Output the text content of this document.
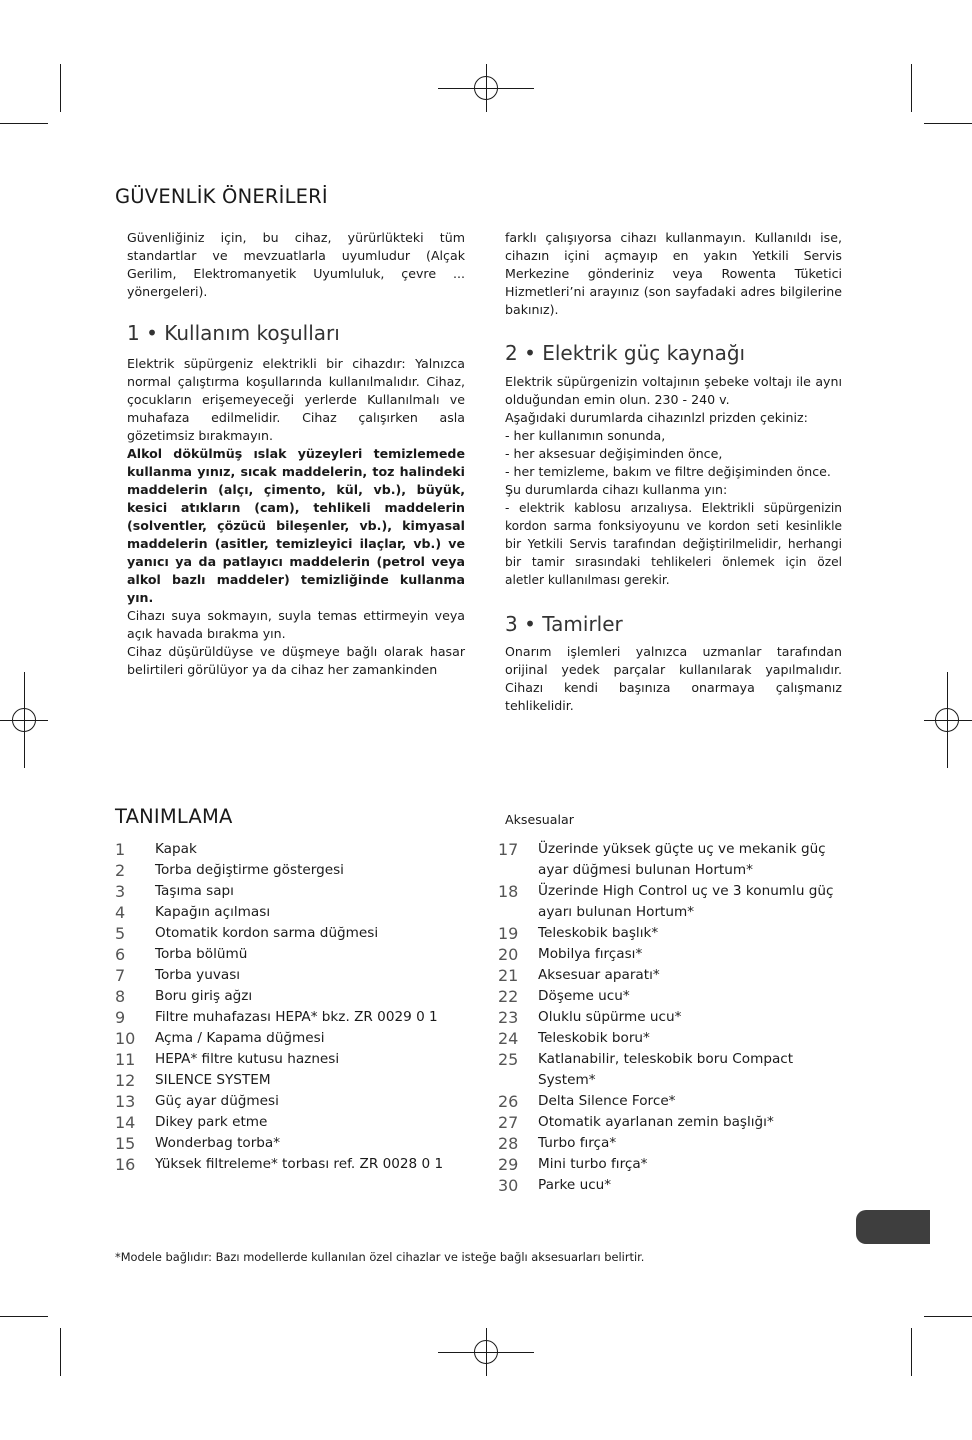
GÜVENLİK ÖNERİLERİ

Güvenliğiniz için, bu cihaz, yürürlükteki tüm standartlar ve mevzuatlarla uyumludur (Alçak Gerilim, Elektromanyetik Uyumluluk, çevre ... yönergeleri).

1 • Kullanım koşulları

Elektrik süpürgeniz elektrikli bir cihazdır: Yalnızca normal çalıştırma koşullarında kullanılmalıdır. Cihaz, çocukların erişemeyeceği yerlerde Kullanılmalı ve muhafaza edilmelidir. Cihaz çalışırken asla gözetimsiz bırakmayın.

Alkol dökülmüş ıslak yüzeyleri temizlemede kullanma yınız, sıcak maddelerin, toz halindeki maddelerin (alçı, çimento, kül, vb.), büyük, kesici atıkların (cam), tehlikeli maddelerin (solventler, çözücü bileşenler, vb.), kimyasal maddelerin (asitler, temizleyici ilaçlar, vb.) ve yanıcı ya da patlayıcı maddelerin (petrol veya alkol bazlı maddeler) temizliğinde kullanma yın.

Cihazı suya sokmayın, suyla temas ettirmeyin veya açık havada bırakma yın.

Cihaz düşürüldüyse ve düşmeye bağlı olarak hasar belirtileri görülüyor ya da cihaz her zamankinden

farklı çalışıyorsa cihazı kullanmayın. Kullanıldı ise, cihazın içini açmayıp en yakın Yetkili Servis Merkezine gönderiniz veya Rowenta Tüketici Hizmetleri’ni arayınız (son sayfadaki adres bilgilerine bakınız).

2 • Elektrik güç kaynağı

Elektrik süpürgenizin voltajının şebeke voltajı ile aynı olduğundan emin olun. 230 - 240 v.

Aşağıdaki durumlarda cihazınlzl prizden çekiniz:

- her kullanımın sonunda,

- her aksesuar değişiminden önce,

- her temizleme, bakım ve filtre değişiminden önce.

Şu durumlarda cihazı kullanma yın:

- elektrik kablosu arızalıysa. Elektrikli süpürgenizin kordon sarma fonksiyoyunu ve kordon seti kesinlikle bir Yetkili Servis tarafından değiştirilmelidir, herhangi bir tamir sırasındaki tehlikeleri önlemek için özel aletler kullanılması gerekir.

3 • Tamirler

Onarım işlemleri yalnızca uzmanlar tarafından orijinal yedek parçalar kullanılarak yapılmalıdır. Cihazı kendi başınıza onarmaya çalışmanız tehlikelidir.

TANIMLAMA
1	Kapak
2	Torba değiştirme göstergesi
3	Taşıma sapı
4	Kapağın açılması
5	Otomatik kordon sarma düğmesi
6	Torba bölümü
7	Torba yuvası
8	Boru giriş ağzı
9	Filtre muhafazası HEPA* bkz. ZR 0029 0 1
10	Açma / Kapama düğmesi
11	HEPA* filtre kutusu haznesi
12	SILENCE SYSTEM
13	Güç ayar düğmesi
14	Dikey park etme
15	Wonderbag torba*
16	Yüksek filtreleme* torbası ref. ZR 0028 0 1
Aksesualar
17	Üzerinde yüksek güçte uç ve mekanik güç ayar düğmesi bulunan Hortum*
18	Üzerinde High Control uç ve 3 konumlu güç ayarı bulunan Hortum*
19	Teleskobik başlık*
20	Mobilya fırçası*
21	Aksesuar aparatı*
22	Döşeme ucu*
23	Oluklu süpürme ucu*
24	Teleskobik boru*
25	Katlanabilir, teleskobik boru Compact System*
26	Delta Silence Force*
27	Otomatik ayarlanan zemin başlığı*
28	Turbo fırça*
29	Mini turbo fırça*
30	Parke ucu*
*Modele bağlıdır: Bazı modellerde kullanılan özel cihazlar ve isteğe bağlı aksesuarları belirtir.
